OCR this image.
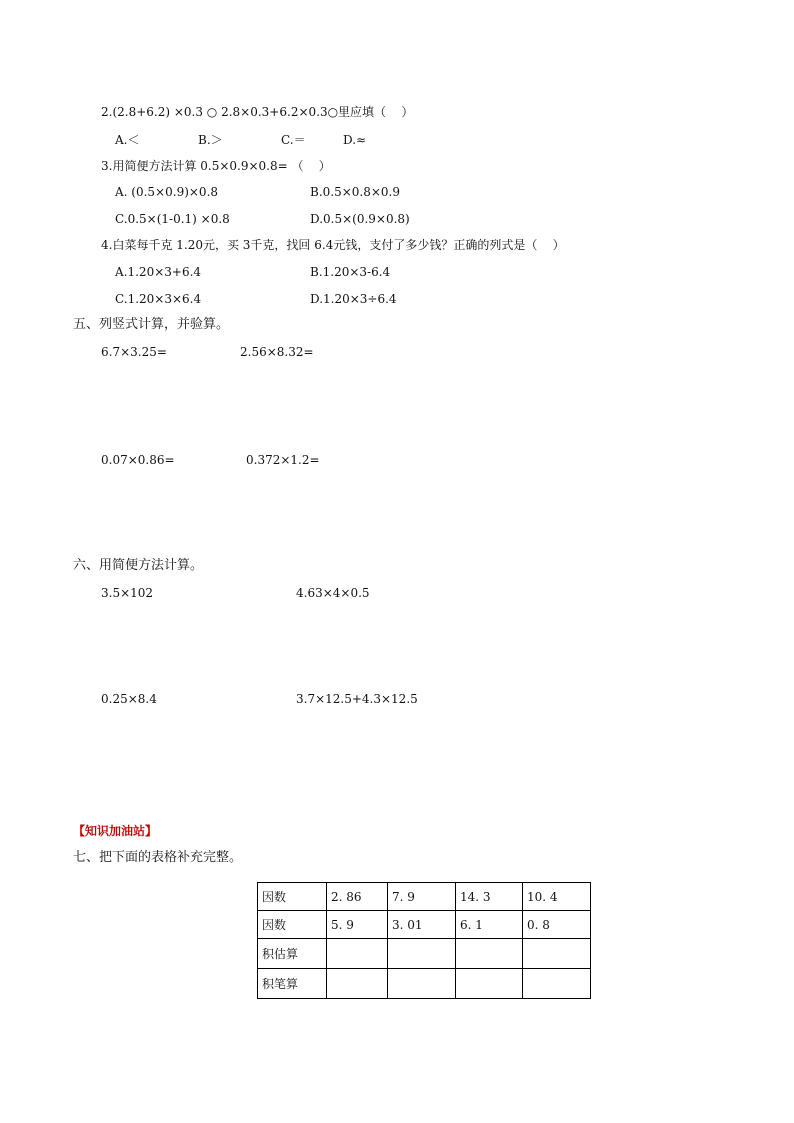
2.(2.8+6.2) ×0.3 ○ 2.8×0.3+6.2×0.3○里应填（    ）
A.＜	B.＞	C.＝	D.≈
3.用简便方法计算 0.5×0.9×0.8= （    ）
A. (0.5×0.9)×0.8	B.0.5×0.8×0.9
C.0.5×(1-0.1) ×0.8	D.0.5×(0.9×0.8)
4.白菜每千克 1.20元，买 3千克，找回 6.4元钱，支付了多少钱？正确的列式是（    ）
A.1.20×3+6.4	B.1.20×3-6.4
C.1.20×3×6.4	D.1.20×3÷6.4
五、列竖式计算，并验算。
6.7×3.25=	2.56×8.32=
0.07×0.86=	0.372×1.2=
六、用简便方法计算。
3.5×102	4.63×4×0.5
0.25×8.4	3.7×12.5+4.3×12.5
【知识加油站】
七、把下面的表格补充完整。
因数	2. 86	7. 9	14. 3	10. 4
因数	5. 9	3. 01	6. 1	0. 8
积估算				
积笔算				
